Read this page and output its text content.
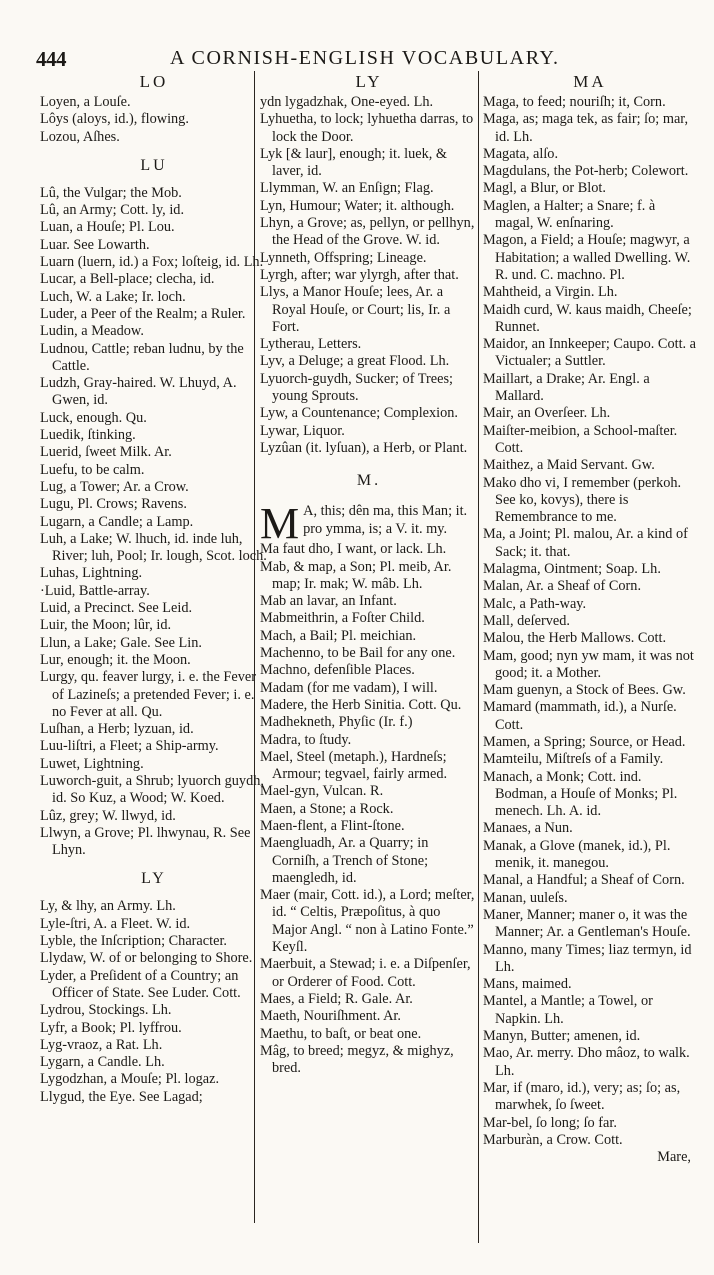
444	A CORNISH-ENGLISH VOCABULARY.
LO
Loyen, a Louſe.
Lôys (aloys, id.), flowing.
Lozou, Aſhes.
LU
Lû, the Vulgar; the Mob.
Lû, an Army; Cott. ly, id.
Luan, a Houſe; Pl. Lou.
Luar. See Lowarth.
Luarn (luern, id.) a Fox; loſteig, id. Lh.
Lucar, a Bell-place; clecha, id.
Luch, W. a Lake; Ir. loch.
Luder, a Peer of the Realm; a Ruler.
Ludin, a Meadow.
Ludnou, Cattle; reban ludnu, by the Cattle.
Ludzh, Gray-haired. W. Lhuyd, A. Gwen, id.
Luck, enough. Qu.
Luedik, ſtinking.
Luerid, ſweet Milk. Ar.
Luefu, to be calm.
Lug, a Tower; Ar. a Crow.
Lugu, Pl. Crows; Ravens.
Lugarn, a Candle; a Lamp.
Luh, a Lake; W. lhuch, id. inde luh, River; luh, Pool; Ir. lough, Scot. loch.
Luhas, Lightning.
·Luid, Battle-array.
Luid, a Precinct. See Leid.
Luir, the Moon; lûr, id.
Llun, a Lake; Gale. See Lin.
Lur, enough; it. the Moon.
Lurgy, qu. feaver lurgy, i. e. the Fever of Lazineſs; a pretended Fever; i. e. no Fever at all. Qu.
Luſhan, a Herb; lyzuan, id.
Luu-liſtri, a Fleet; a Ship-army.
Luwet, Lightning.
Luworch-guit, a Shrub; lyuorch guydh, id. So Kuz, a Wood; W. Koed.
Lûz, grey; W. llwyd, id.
Llwyn, a Grove; Pl. lhwynau, R. See Lhyn.
LY
Ly, & lhy, an Army. Lh.
Lyle-ſtri, A. a Fleet. W. id.
Lyble, the Inſcription; Character.
Llydaw, W. of or belonging to Shore.
Lyder, a Preſident of a Country; an Officer of State. See Luder. Cott.
Lydrou, Stockings. Lh.
Lyfr, a Book; Pl. lyffrou.
Lyg-vraoz, a Rat. Lh.
Lygarn, a Candle. Lh.
Lygodzhan, a Mouſe; Pl. logaz.
Llygud, the Eye. See Lagad;
LY
ydn lygadzhak, One-eyed. Lh.
Lyhuetha, to lock; lyhuetha darras, to lock the Door.
Lyk [& laur], enough; it. luek, & laver, id.
Llymman, W. an Enſign; Flag.
Lyn, Humour; Water; it. although.
Lhyn, a Grove; as, pellyn, or pellhyn, the Head of the Grove. W. id.
Lynneth, Offspring; Lineage.
Lyrgh, after; war ylyrgh, after that.
Llys, a Manor Houſe; lees, Ar. a Royal Houſe, or Court; lis, Ir. a Fort.
Lytherau, Letters.
Lyv, a Deluge; a great Flood. Lh.
Lyuorch-guydh, Sucker; of Trees; young Sprouts.
Lyw, a Countenance; Complexion.
Lywar, Liquor.
Lyzûan (it. lyſuan), a Herb, or Plant.
M.
M A, this; dên ma, this Man; it. pro ymma, is; a V. it. my.
Ma faut dho, I want, or lack. Lh.
Mab, & map, a Son; Pl. meib, Ar. map; Ir. mak; W. mâb. Lh.
Mab an lavar, an Infant.
Mabmeithrin, a Foſter Child.
Mach, a Bail; Pl. meichian.
Machenno, to be Bail for any one.
Machno, defenſible Places.
Madam (for me vadam), I will.
Madere, the Herb Sinitia. Cott. Qu.
Madhekneth, Phyſic (Ir. f.)
Madra, to ſtudy.
Mael, Steel (metaph.), Hardneſs; Armour; tegvael, fairly armed.
Mael-gyn, Vulcan. R.
Maen, a Stone; a Rock.
Maen-flent, a Flint-ſtone.
Maengluadh, Ar. a Quarry; in Corniſh, a Trench of Stone; maengledh, id.
Maer (mair, Cott. id.), a Lord; meſter, id. “ Celtis, Præpoſitus, à quo Major Angl. “ non à Latino Fonte.” Keyſl.
Maerbuit, a Stewad; i. e. a Diſpenſer, or Orderer of Food. Cott.
Maes, a Field; R. Gale. Ar.
Maeth, Nouriſhment. Ar.
Maethu, to baſt, or beat one.
Mâg, to breed; megyz, & mighyz, bred.
MA
Maga, to feed; nouriſh; it, Corn.
Maga, as; maga tek, as fair; ſo; mar, id. Lh.
Magata, alſo.
Magdulans, the Pot-herb; Colewort.
Magl, a Blur, or Blot.
Maglen, a Halter; a Snare; f. à magal, W. enſnaring.
Magon, a Field; a Houſe; magwyr, a Habitation; a walled Dwelling. W. R. und. C. machno. Pl.
Mahtheid, a Virgin. Lh.
Maidh curd, W. kaus maidh, Cheeſe; Runnet.
Maidor, an Innkeeper; Caupo. Cott. a Victualer; a Suttler.
Maillart, a Drake; Ar. Engl. a Mallard.
Mair, an Overſeer. Lh.
Maiſter-meibion, a School-maſter. Cott.
Maithez, a Maid Servant. Gw.
Mako dho vi, I remember (perkoh. See ko, kovys), there is Remembrance to me.
Ma, a Joint; Pl. malou, Ar. a kind of Sack; it. that.
Malagma, Ointment; Soap. Lh.
Malan, Ar. a Sheaf of Corn.
Malc, a Path-way.
Mall, deſerved.
Malou, the Herb Mallows. Cott.
Mam, good; nyn yw mam, it was not good; it. a Mother.
Mam guenyn, a Stock of Bees. Gw.
Mamard (mammath, id.), a Nurſe. Cott.
Mamen, a Spring; Source, or Head.
Mamteilu, Miſtreſs of a Family.
Manach, a Monk; Cott. ind. Bodman, a Houſe of Monks; Pl. menech. Lh. A. id.
Manaes, a Nun.
Manak, a Glove (manek, id.), Pl. menik, it. manegou.
Manal, a Handful; a Sheaf of Corn.
Manan, uuleſs.
Maner, Manner; maner o, it was the Manner; Ar. a Gentleman's Houſe.
Manno, many Times; liaz termyn, id Lh.
Mans, maimed.
Mantel, a Mantle; a Towel, or Napkin. Lh.
Manyn, Butter; amenen, id.
Mao, Ar. merry. Dho mâoz, to walk. Lh.
Mar, if (maro, id.), very; as; ſo; as, marwhek, ſo ſweet.
Mar-bel, ſo long; ſo far.
Marburàn, a Crow. Cott.
Mare,
